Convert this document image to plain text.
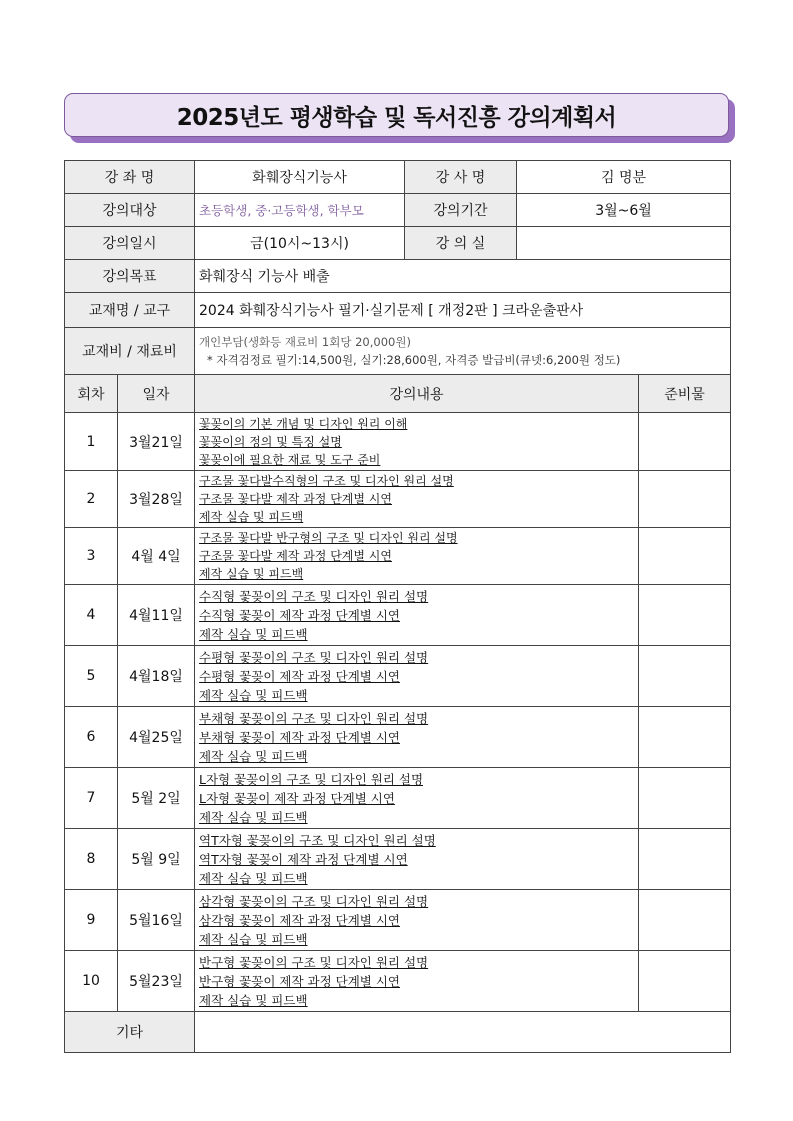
2025년도 평생학습 및 독서진흥 강의계획서
강 좌 명		화훼장식기능사	강 사 명	김 명분	
강의대상		초등학생, 중·고등학생, 학부모	강의기간	3월~6월	
강의일시		금(10시~13시)	강 의 실		
강의목표		화훼장식 기능사 배출			
교재명 / 교구		2024 화훼장식기능사 필기·실기문제 [ 개정2판 ] 크라운출판사			
교재비 / 재료비		개인부담(생화등 재료비 1회당 20,000원)
* 자격검정료 필기:14,500원, 실기:28,600원, 자격증 발급비(큐넷:6,200원 정도)			

회차	일자	강의내용			준비물
1	3월21일	꽃꽂이의 기본 개념 및 디자인 원리 이해
꽃꽂이의 정의 및 특징 설명
꽃꽂이에 필요한 재료 및 도구 준비			

2	3월28일	구조물 꽃다발수직형의 구조 및 디자인 원리 설명
구조물 꽃다발 제작 과정 단계별 시연
제작 실습 및 피드백			

3	4월 4일	구조물 꽃다발 반구형의 구조 및 디자인 원리 설명
구조물 꽃다발 제작 과정 단계별 시연
제작 실습 및 피드백			

4	4월11일	수직형 꽃꽂이의 구조 및 디자인 원리 설명
수직형 꽃꽂이 제작 과정 단계별 시연
제작 실습 및 피드백			

5	4월18일	수평형 꽃꽂이의 구조 및 디자인 원리 설명
수평형 꽃꽂이 제작 과정 단계별 시연
제작 실습 및 피드백			

6	4월25일	부채형 꽃꽂이의 구조 및 디자인 원리 설명
부채형 꽃꽂이 제작 과정 단계별 시연
제작 실습 및 피드백			

7	5월 2일	L자형 꽃꽂이의 구조 및 디자인 원리 설명
L자형 꽃꽂이 제작 과정 단계별 시연
제작 실습 및 피드백			

8	5월 9일	역T자형 꽃꽂이의 구조 및 디자인 원리 설명
역T자형 꽃꽂이 제작 과정 단계별 시연
제작 실습 및 피드백			

9	5월16일	삼각형 꽃꽂이의 구조 및 디자인 원리 설명
삼각형 꽃꽂이 제작 과정 단계별 시연
제작 실습 및 피드백			

10	5월23일	반구형 꽃꽂이의 구조 및 디자인 원리 설명
반구형 꽃꽂이 제작 과정 단계별 시연
제작 실습 및 피드백			

기타					
